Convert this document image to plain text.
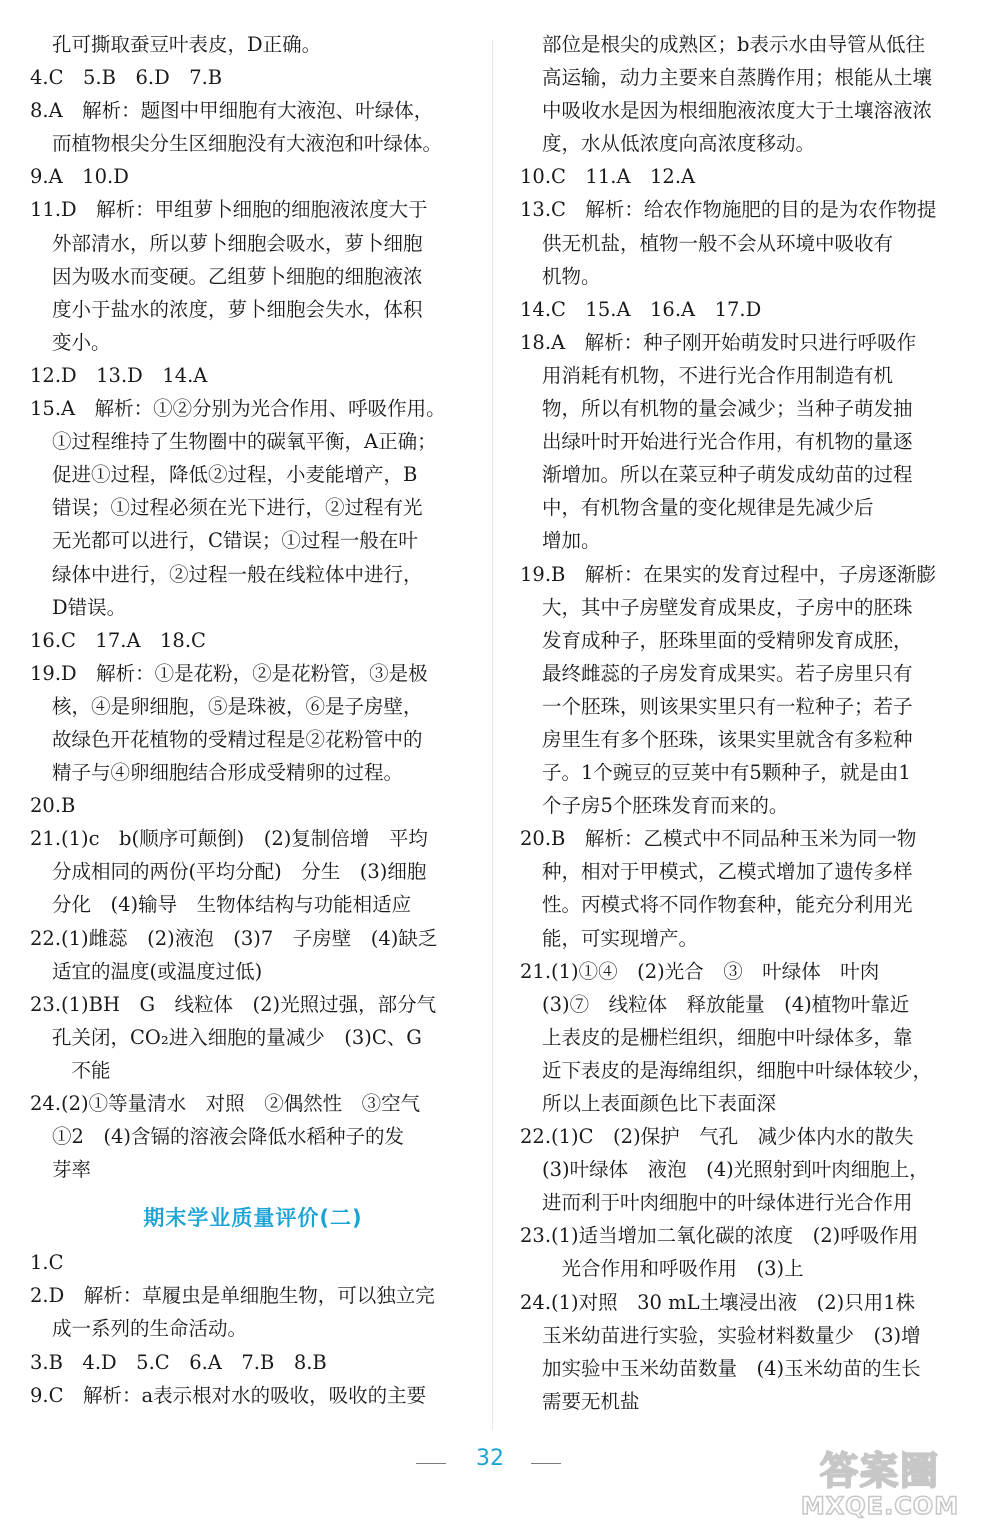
孔可撕取蚕豆叶表皮，D正确。
4.C　5.B　6.D　7.B
8.A　解析：题图中甲细胞有大液泡、叶绿体，
而植物根尖分生区细胞没有大液泡和叶绿体。
9.A　10.D
11.D　解析：甲组萝卜细胞的细胞液浓度大于
外部清水，所以萝卜细胞会吸水，萝卜细胞
因为吸水而变硬。乙组萝卜细胞的细胞液浓
度小于盐水的浓度，萝卜细胞会失水，体积
变小。
12.D　13.D　14.A
15.A　解析：①②分别为光合作用、呼吸作用。
①过程维持了生物圈中的碳氧平衡，A正确；
促进①过程，降低②过程，小麦能增产，B
错误；①过程必须在光下进行，②过程有光
无光都可以进行，C错误；①过程一般在叶
绿体中进行，②过程一般在线粒体中进行，
D错误。
16.C　17.A　18.C
19.D　解析：①是花粉，②是花粉管，③是极
核，④是卵细胞，⑤是珠被，⑥是子房壁，
故绿色开花植物的受精过程是②花粉管中的
精子与④卵细胞结合形成受精卵的过程。
20.B
21.(1)c　b(顺序可颠倒)　(2)复制倍增　平均
分成相同的两份(平均分配)　分生　(3)细胞
分化　(4)输导　生物体结构与功能相适应
22.(1)雌蕊　(2)液泡　(3)7　子房壁　(4)缺乏
适宜的温度(或温度过低)
23.(1)BH　G　线粒体　(2)光照过强，部分气
孔关闭，CO₂进入细胞的量减少　(3)C、G
　不能
24.(2)①等量清水　对照　②偶然性　③空气
①2　(4)含镉的溶液会降低水稻种子的发
芽率
期末学业质量评价(二)
1.C
2.D　解析：草履虫是单细胞生物，可以独立完
成一系列的生命活动。
3.B　4.D　5.C　6.A　7.B　8.B
9.C　解析：a表示根对水的吸收，吸收的主要
部位是根尖的成熟区；b表示水由导管从低往
高运输，动力主要来自蒸腾作用；根能从土壤
中吸收水是因为根细胞液浓度大于土壤溶液浓
度，水从低浓度向高浓度移动。
10.C　11.A　12.A
13.C　解析：给农作物施肥的目的是为农作物提
供无机盐，植物一般不会从环境中吸收有
机物。
14.C　15.A　16.A　17.D
18.A　解析：种子刚开始萌发时只进行呼吸作
用消耗有机物，不进行光合作用制造有机
物，所以有机物的量会减少；当种子萌发抽
出绿叶时开始进行光合作用，有机物的量逐
渐增加。所以在菜豆种子萌发成幼苗的过程
中，有机物含量的变化规律是先减少后
增加。
19.B　解析：在果实的发育过程中，子房逐渐膨
大，其中子房壁发育成果皮，子房中的胚珠
发育成种子，胚珠里面的受精卵发育成胚，
最终雌蕊的子房发育成果实。若子房里只有
一个胚珠，则该果实里只有一粒种子；若子
房里生有多个胚珠，该果实里就含有多粒种
子。1个豌豆的豆荚中有5颗种子，就是由1
个子房5个胚珠发育而来的。
20.B　解析：乙模式中不同品种玉米为同一物
种，相对于甲模式，乙模式增加了遗传多样
性。丙模式将不同作物套种，能充分利用光
能，可实现增产。
21.(1)①④　(2)光合　③　叶绿体　叶肉
(3)⑦　线粒体　释放能量　(4)植物叶靠近
上表皮的是栅栏组织，细胞中叶绿体多，靠
近下表皮的是海绵组织，细胞中叶绿体较少，
所以上表面颜色比下表面深
22.(1)C　(2)保护　气孔　减少体内水的散失
(3)叶绿体　液泡　(4)光照射到叶肉细胞上，
进而利于叶肉细胞中的叶绿体进行光合作用
23.(1)适当增加二氧化碳的浓度　(2)呼吸作用
　光合作用和呼吸作用　(3)上
24.(1)对照　30 mL土壤浸出液　(2)只用1株
玉米幼苗进行实验，实验材料数量少　(3)增
加实验中玉米幼苗数量　(4)玉米幼苗的生长
需要无机盐
32	答案圈
MXQE.COM
